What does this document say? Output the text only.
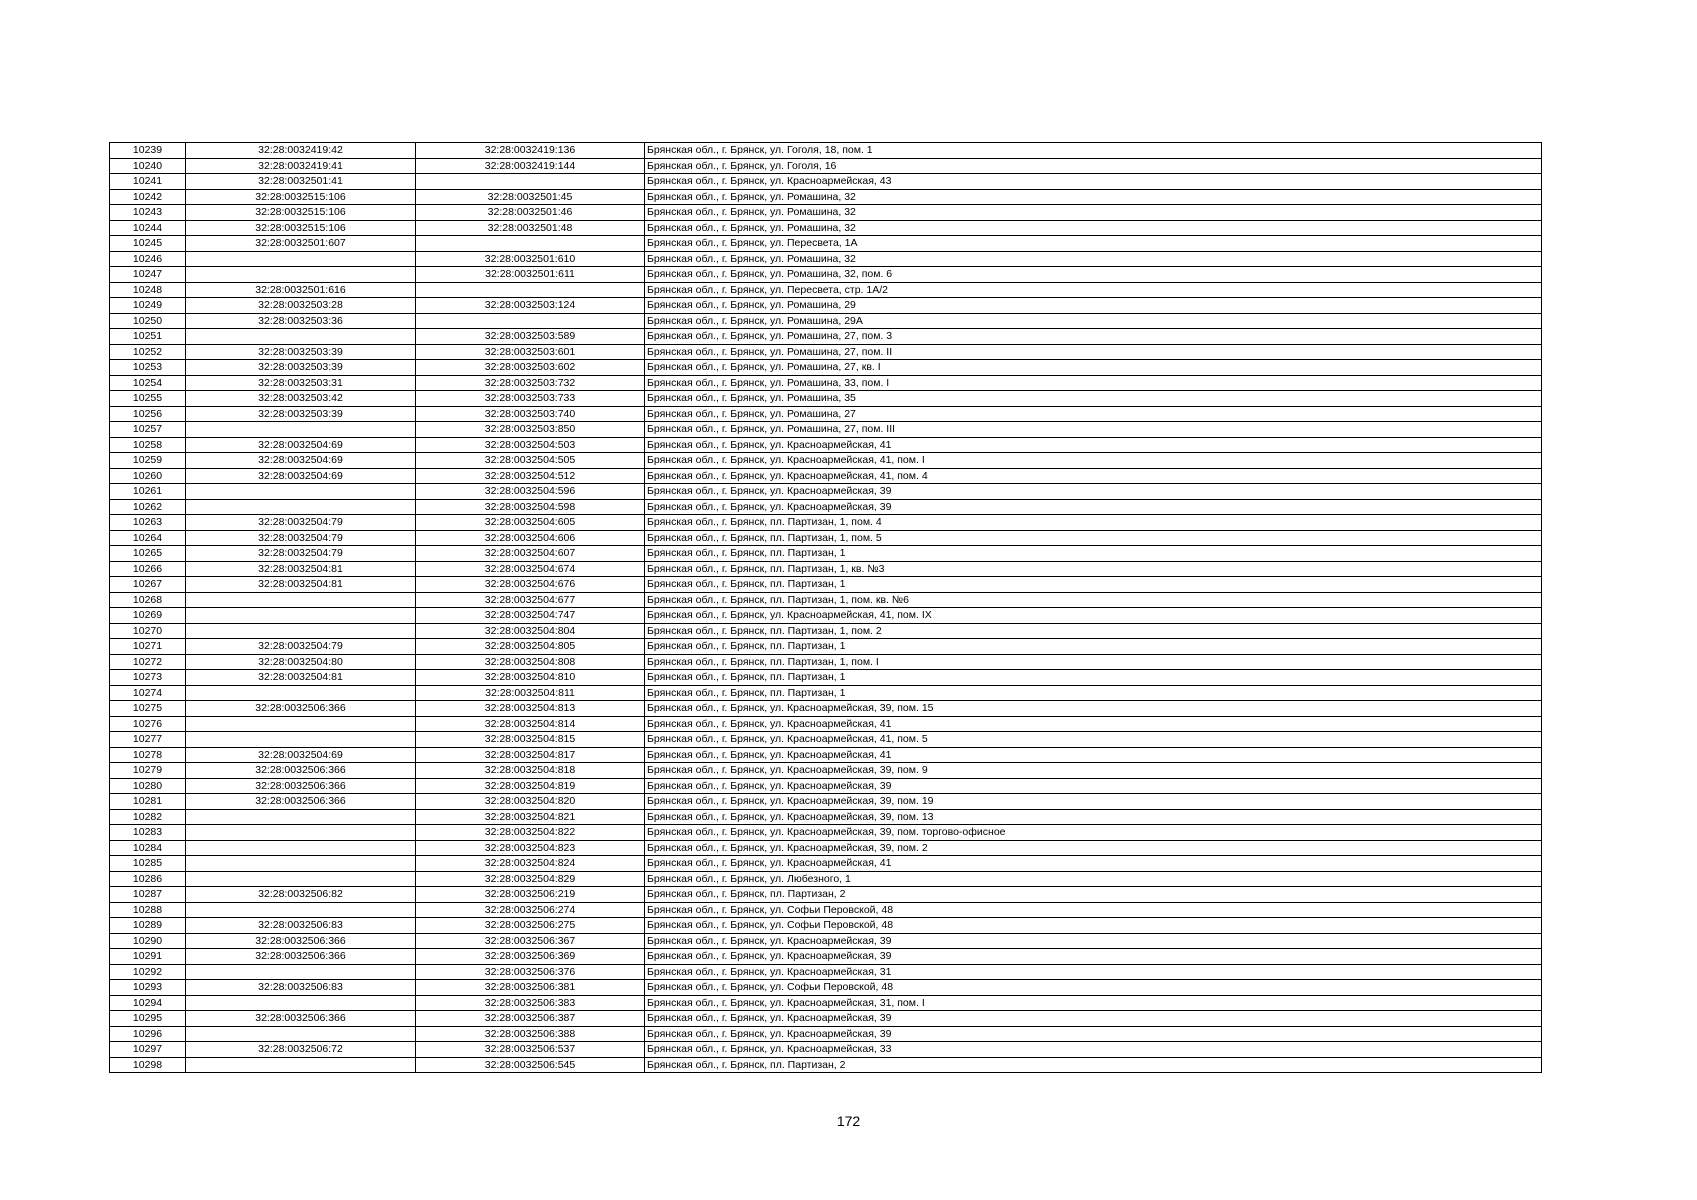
10239	32:28:0032419:42	32:28:0032419:136	Брянская обл., г. Брянск, ул. Гоголя, 18, пом. 1
10240	32:28:0032419:41	32:28:0032419:144	Брянская обл., г. Брянск, ул. Гоголя, 16
10241	32:28:0032501:41		Брянская обл., г. Брянск, ул. Красноармейская, 43
10242	32:28:0032515:106	32:28:0032501:45	Брянская обл., г. Брянск, ул. Ромашина, 32
10243	32:28:0032515:106	32:28:0032501:46	Брянская обл., г. Брянск, ул. Ромашина, 32
10244	32:28:0032515:106	32:28:0032501:48	Брянская обл., г. Брянск, ул. Ромашина, 32
10245	32:28:0032501:607		Брянская обл., г. Брянск, ул. Пересвета, 1А
10246		32:28:0032501:610	Брянская обл., г. Брянск, ул. Ромашина, 32
10247		32:28:0032501:611	Брянская обл., г. Брянск, ул. Ромашина, 32, пом. 6
10248	32:28:0032501:616		Брянская обл., г. Брянск, ул. Пересвета, стр. 1А/2
10249	32:28:0032503:28	32:28:0032503:124	Брянская обл., г. Брянск, ул. Ромашина, 29
10250	32:28:0032503:36		Брянская обл., г. Брянск, ул. Ромашина, 29А
10251		32:28:0032503:589	Брянская обл., г. Брянск, ул. Ромашина, 27, пом. 3
10252	32:28:0032503:39	32:28:0032503:601	Брянская обл., г. Брянск, ул. Ромашина, 27, пом. II
10253	32:28:0032503:39	32:28:0032503:602	Брянская обл., г. Брянск, ул. Ромашина, 27, кв. I
10254	32:28:0032503:31	32:28:0032503:732	Брянская обл., г. Брянск, ул. Ромашина, 33, пом. I
10255	32:28:0032503:42	32:28:0032503:733	Брянская обл., г. Брянск, ул. Ромашина, 35
10256	32:28:0032503:39	32:28:0032503:740	Брянская обл., г. Брянск, ул. Ромашина, 27
10257		32:28:0032503:850	Брянская обл., г. Брянск, ул. Ромашина, 27, пом. III
10258	32:28:0032504:69	32:28:0032504:503	Брянская обл., г. Брянск, ул. Красноармейская, 41
10259	32:28:0032504:69	32:28:0032504:505	Брянская обл., г. Брянск, ул. Красноармейская, 41, пом. I
10260	32:28:0032504:69	32:28:0032504:512	Брянская обл., г. Брянск, ул. Красноармейская, 41, пом. 4
10261		32:28:0032504:596	Брянская обл., г. Брянск, ул. Красноармейская, 39
10262		32:28:0032504:598	Брянская обл., г. Брянск, ул. Красноармейская, 39
10263	32:28:0032504:79	32:28:0032504:605	Брянская обл., г. Брянск, пл. Партизан, 1, пом. 4
10264	32:28:0032504:79	32:28:0032504:606	Брянская обл., г. Брянск, пл. Партизан, 1, пом. 5
10265	32:28:0032504:79	32:28:0032504:607	Брянская обл., г. Брянск, пл. Партизан, 1
10266	32:28:0032504:81	32:28:0032504:674	Брянская обл., г. Брянск, пл. Партизан, 1, кв. №3
10267	32:28:0032504:81	32:28:0032504:676	Брянская обл., г. Брянск, пл. Партизан, 1
10268		32:28:0032504:677	Брянская обл., г. Брянск, пл. Партизан, 1, пом. кв. №6
10269		32:28:0032504:747	Брянская обл., г. Брянск, ул. Красноармейская, 41, пом. IX
10270		32:28:0032504:804	Брянская обл., г. Брянск, пл. Партизан, 1, пом. 2
10271	32:28:0032504:79	32:28:0032504:805	Брянская обл., г. Брянск, пл. Партизан, 1
10272	32:28:0032504:80	32:28:0032504:808	Брянская обл., г. Брянск, пл. Партизан, 1, пом. I
10273	32:28:0032504:81	32:28:0032504:810	Брянская обл., г. Брянск, пл. Партизан, 1
10274		32:28:0032504:811	Брянская обл., г. Брянск, пл. Партизан, 1
10275	32:28:0032506:366	32:28:0032504:813	Брянская обл., г. Брянск, ул. Красноармейская, 39, пом. 15
10276		32:28:0032504:814	Брянская обл., г. Брянск, ул. Красноармейская, 41
10277		32:28:0032504:815	Брянская обл., г. Брянск, ул. Красноармейская, 41, пом. 5
10278	32:28:0032504:69	32:28:0032504:817	Брянская обл., г. Брянск, ул. Красноармейская, 41
10279	32:28:0032506:366	32:28:0032504:818	Брянская обл., г. Брянск, ул. Красноармейская, 39, пом. 9
10280	32:28:0032506:366	32:28:0032504:819	Брянская обл., г. Брянск, ул. Красноармейская, 39
10281	32:28:0032506:366	32:28:0032504:820	Брянская обл., г. Брянск, ул. Красноармейская, 39, пом. 19
10282		32:28:0032504:821	Брянская обл., г. Брянск, ул. Красноармейская, 39, пом. 13
10283		32:28:0032504:822	Брянская обл., г. Брянск, ул. Красноармейская, 39, пом. торгово-офисное
10284		32:28:0032504:823	Брянская обл., г. Брянск, ул. Красноармейская, 39, пом. 2
10285		32:28:0032504:824	Брянская обл., г. Брянск, ул. Красноармейская, 41
10286		32:28:0032504:829	Брянская обл., г. Брянск, ул. Любезного, 1
10287	32:28:0032506:82	32:28:0032506:219	Брянская обл., г. Брянск, пл. Партизан, 2
10288		32:28:0032506:274	Брянская обл., г. Брянск, ул. Софьи Перовской, 48
10289	32:28:0032506:83	32:28:0032506:275	Брянская обл., г. Брянск, ул. Софьи Перовской, 48
10290	32:28:0032506:366	32:28:0032506:367	Брянская обл., г. Брянск, ул. Красноармейская, 39
10291	32:28:0032506:366	32:28:0032506:369	Брянская обл., г. Брянск, ул. Красноармейская, 39
10292		32:28:0032506:376	Брянская обл., г. Брянск, ул. Красноармейская, 31
10293	32:28:0032506:83	32:28:0032506:381	Брянская обл., г. Брянск, ул. Софьи Перовской, 48
10294		32:28:0032506:383	Брянская обл., г. Брянск, ул. Красноармейская, 31, пом. I
10295	32:28:0032506:366	32:28:0032506:387	Брянская обл., г. Брянск, ул. Красноармейская, 39
10296		32:28:0032506:388	Брянская обл., г. Брянск, ул. Красноармейская, 39
10297	32:28:0032506:72	32:28:0032506:537	Брянская обл., г. Брянск, ул. Красноармейская, 33
10298		32:28:0032506:545	Брянская обл., г. Брянск, пл. Партизан, 2
172
